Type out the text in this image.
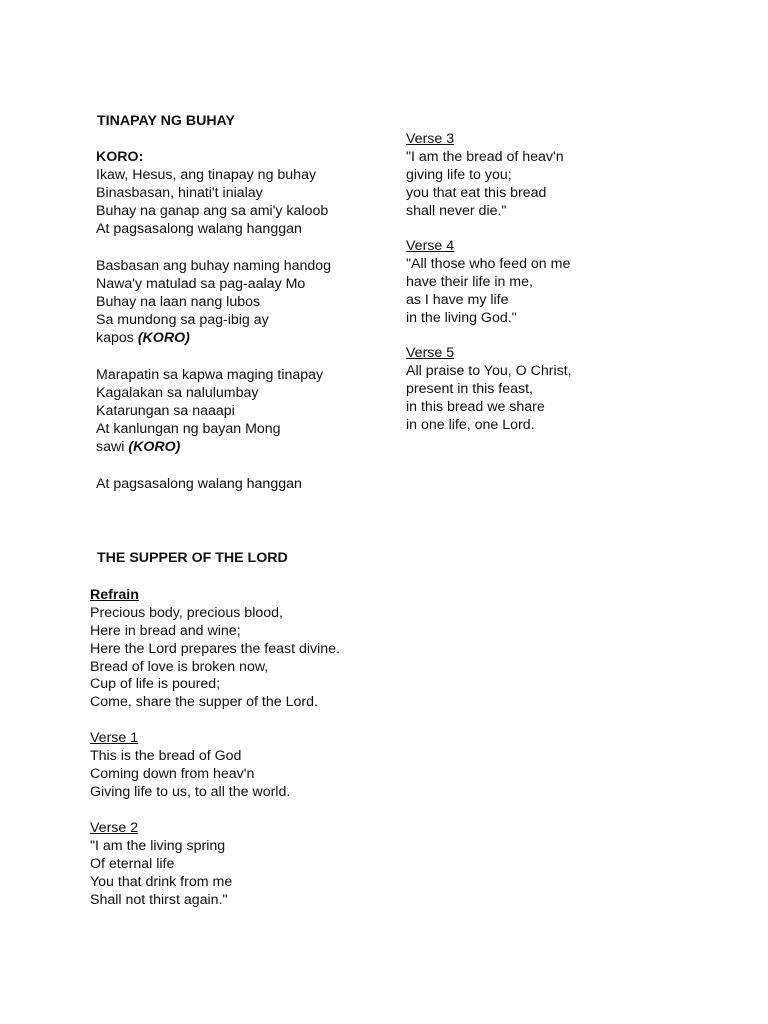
TINAPAY NG BUHAY
KORO:
Ikaw, Hesus, ang tinapay ng buhay
Binasbasan, hinati't inialay
Buhay na ganap ang sa ami'y kaloob
At pagsasalong walang hanggan
Basbasan ang buhay naming handog
Nawa'y matulad sa pag-aalay Mo
Buhay na laan nang lubos
Sa mundong sa pag-ibig ay
kapos (KORO)
Marapatin sa kapwa maging tinapay
Kagalakan sa nalulumbay
Katarungan sa naaapi
At kanlungan ng bayan Mong
sawi (KORO)
At pagsasalong walang hanggan
THE SUPPER OF THE LORD
Refrain
Precious body, precious blood,
Here in bread and wine;
Here the Lord prepares the feast divine.
Bread of love is broken now,
Cup of life is poured;
Come, share the supper of the Lord.
Verse 1
This is the bread of God
Coming down from heav'n
Giving life to us, to all the world.
Verse 2
"I am the living spring
Of eternal life
You that drink from me
Shall not thirst again."
Verse 3
"I am the bread of heav'n
giving life to you;
you that eat this bread
shall never die."
Verse 4
"All those who feed on me
have their life in me,
as I have my life
in the living God."
Verse 5
All praise to You, O Christ,
present in this feast,
in this bread we share
in one life, one Lord.
